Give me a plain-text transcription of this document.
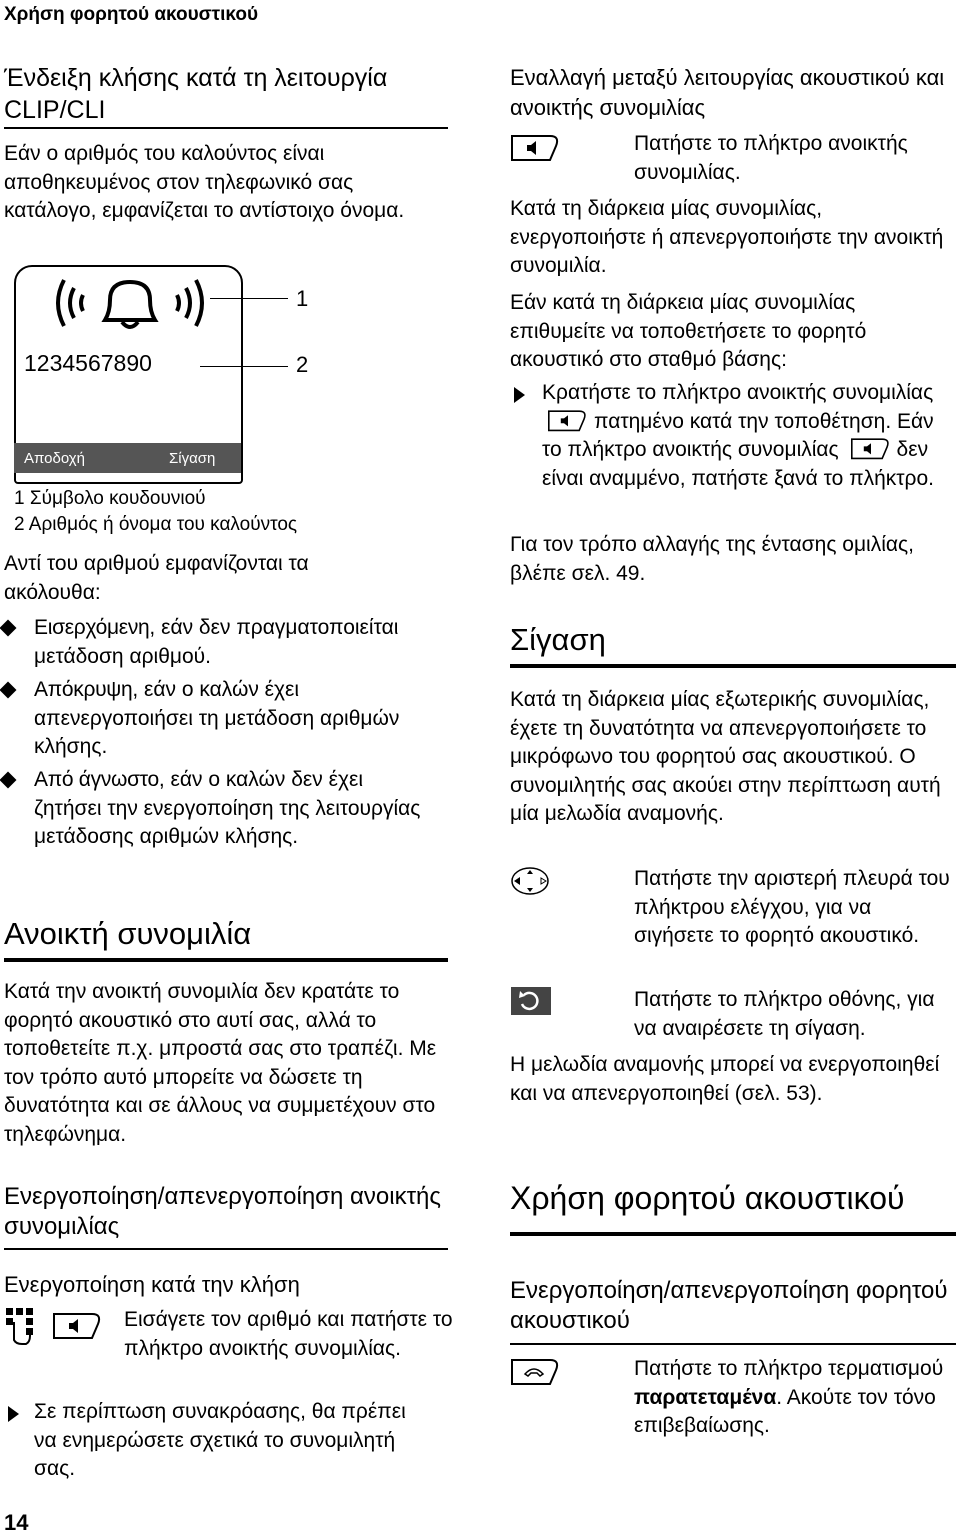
Χρήση φορητού ακουστικού
Ένδειξη κλήσης κατά τη λειτουργία CLIP/CLI
Εάν ο αριθμός του καλούντος είναι αποθηκευμένος στον τηλεφωνικό σας κατάλογο, εμφανίζεται το αντίστοιχο όνομα.
1234567890
Αποδοχή	Σίγαση
1
2
1 Σύμβολο κουδουνιού
2 Αριθμός ή όνομα του καλούντος
Αντί του αριθμού εμφανίζονται τα ακόλουθα:
Εισερχόμενη, εάν δεν πραγματοποιείται μετάδοση αριθμού.
Απόκρυψη, εάν ο καλών έχει απενεργοποιήσει τη μετάδοση αριθμών κλήσης.
Από άγνωστο, εάν ο καλών δεν έχει ζητήσει την ενεργοποίηση της λειτουργίας μετάδοσης αριθμών κλήσης.
Ανοικτή συνομιλία
Κατά την ανοικτή συνομιλία δεν κρατάτε το φορητό ακουστικό στο αυτί σας, αλλά το τοποθετείτε π.χ. μπροστά σας στο τραπέζι. Με τον τρόπο αυτό μπορείτε να δώσετε τη δυνατότητα και σε άλλους να συμμετέχουν στο τηλεφώνημα.
Ενεργοποίηση/απενεργοποίηση ανοικτής συνομιλίας
Ενεργοποίηση κατά την κλήση
Εισάγετε τον αριθμό και πατήστε το πλήκτρο ανοικτής συνομιλίας.
Σε περίπτωση συνακρόασης, θα πρέπει να ενημερώσετε σχετικά το συνομιλητή σας.
14
Εναλλαγή μεταξύ λειτουργίας ακουστικού και ανοικτής συνομιλίας
Πατήστε το πλήκτρο ανοικτής συνομιλίας.
Κατά τη διάρκεια μίας συνομιλίας, ενεργοποιήστε ή απενεργοποιήστε την ανοικτή συνομιλία.
Εάν κατά τη διάρκεια μίας συνομιλίας επιθυμείτε να τοποθετήσετε το φορητό ακουστικό στο σταθμό βάσης:
Κρατήστε το πλήκτρο ανοικτής συνομιλίας πατημένο κατά την τοποθέτηση. Εάν το πλήκτρο ανοικτής συνομιλίας	δεν είναι αναμμένο, πατήστε ξανά το πλήκτρο.
Για τον τρόπο αλλαγής της έντασης ομιλίας, βλέπε σελ. 49.
Σίγαση
Κατά τη διάρκεια μίας εξωτερικής συνομιλίας, έχετε τη δυνατότητα να απενεργοποιήσετε το μικρόφωνο του φορητού σας ακουστικού. Ο συνομιλητής σας ακούει στην περίπτωση αυτή μία μελωδία αναμονής.
Πατήστε την αριστερή πλευρά του πλήκτρου ελέγχου, για να σιγήσετε το φορητό ακουστικό.
Πατήστε το πλήκτρο οθόνης, για να αναιρέσετε τη σίγαση.
Η μελωδία αναμονής μπορεί να ενεργοποιηθεί και να απενεργοποιηθεί (σελ. 53).
Χρήση φορητού ακουστικού
Ενεργοποίηση/απενεργοποίηση φορητού ακουστικού
Πατήστε το πλήκτρο τερματισμού παρατεταμένα. Ακούτε τον τόνο επιβεβαίωσης.
